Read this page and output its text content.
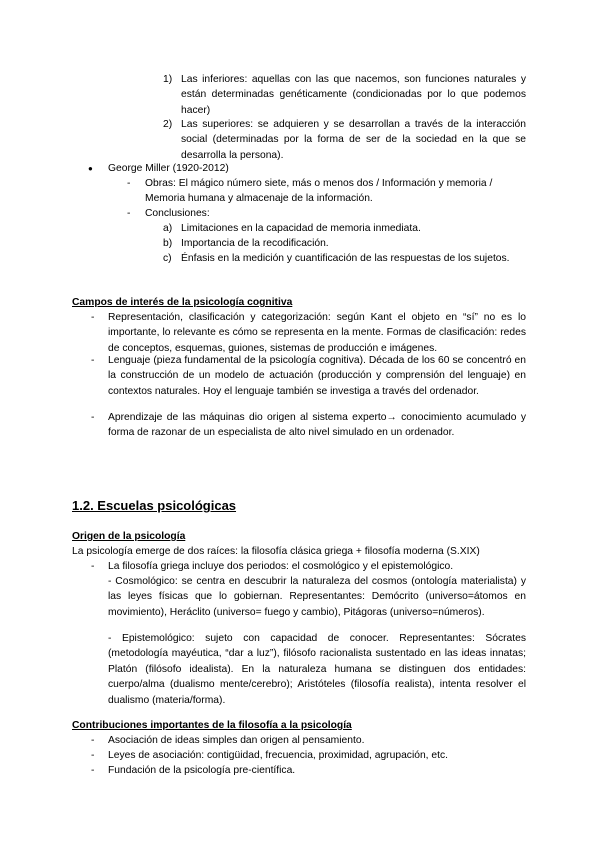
1) Las inferiores: aquellas con las que nacemos, son funciones naturales y están determinadas genéticamente (condicionadas por lo que podemos hacer)
2) Las superiores: se adquieren y se desarrollan a través de la interacción social (determinadas por la forma de ser de la sociedad en la que se desarrolla la persona).
● George Miller (1920-2012)
- Obras: El mágico número siete, más o menos dos / Información y memoria / Memoria humana y almacenaje de la información.
- Conclusiones:
a) Limitaciones en la capacidad de memoria inmediata.
b) Importancia de la recodificación.
c) Énfasis en la medición y cuantificación de las respuestas de los sujetos.
Campos de interés de la psicología cognitiva
- Representación, clasificación y categorización: según Kant el objeto en “sí” no es lo importante, lo relevante es cómo se representa en la mente. Formas de clasificación: redes de conceptos, esquemas, guiones, sistemas de producción e imágenes.
- Lenguaje (pieza fundamental de la psicología cognitiva). Década de los 60 se concentró en la construcción de un modelo de actuación (producción y comprensión del lenguaje) en contextos naturales. Hoy el lenguaje también se investiga a través del ordenador.
- Aprendizaje de las máquinas dio origen al sistema experto→ conocimiento acumulado y forma de razonar de un especialista de alto nivel simulado en un ordenador.
1.2. Escuelas psicológicas
Origen de la psicología
La psicología emerge de dos raíces: la filosofía clásica griega + filosofía moderna (S.XIX)
- La filosofía griega incluye dos periodos: el cosmológico y el epistemológico.
- Cosmológico: se centra en descubrir la naturaleza del cosmos (ontología materialista) y las leyes físicas que lo gobiernan. Representantes: Demócrito (universo=átomos en movimiento), Heráclito (universo= fuego y cambio), Pitágoras (universo=números).
- Epistemológico: sujeto con capacidad de conocer. Representantes: Sócrates (metodología mayéutica, “dar a luz”), filósofo racionalista sustentado en las ideas innatas; Platón (filósofo idealista). En la naturaleza humana se distinguen dos entidades: cuerpo/alma (dualismo mente/cerebro); Aristóteles (filosofía realista), intenta resolver el dualismo (materia/forma).
Contribuciones importantes de la filosofía a la psicología
- Asociación de ideas simples dan origen al pensamiento.
- Leyes de asociación: contigüidad, frecuencia, proximidad, agrupación, etc.
- Fundación de la psicología pre-científica.
